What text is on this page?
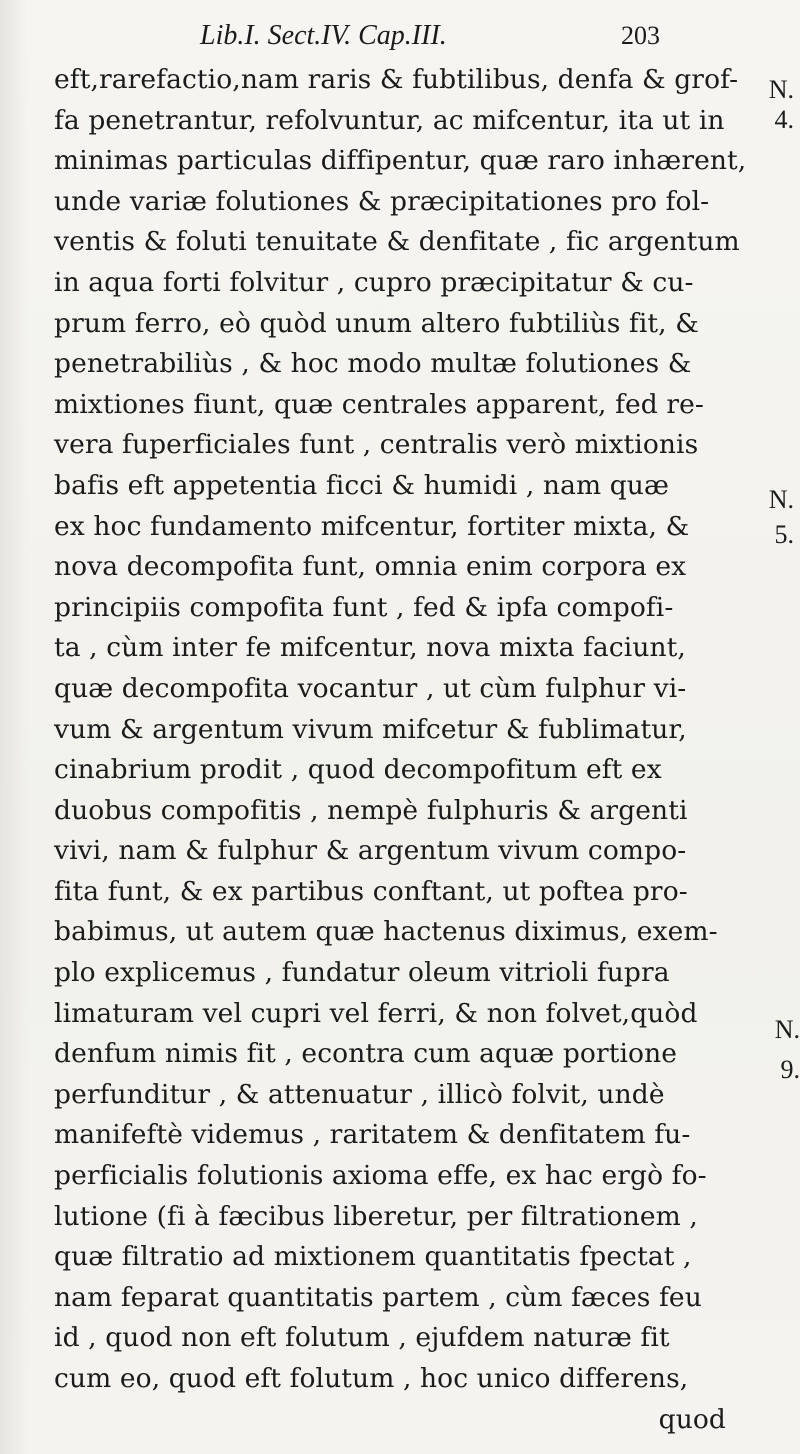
Lib.I. Sect.IV. Cap.III.	203
eft,rarefactio,nam raris & fubtilibus, denfa & grof-
fa penetrantur, refolvuntur, ac mifcentur, ita ut in
minimas particulas diffipentur, quæ raro inhærent,
unde variæ folutiones & præcipitationes pro fol-
ventis & foluti tenuitate & denfitate , fic argentum
in aqua forti folvitur , cupro præcipitatur & cu-
prum ferro, eò quòd unum altero fubtiliùs fit, &
penetrabiliùs , & hoc modo multæ folutiones &
mixtiones fiunt, quæ centrales apparent, fed re-
vera fuperficiales funt , centralis verò mixtionis
bafis eft appetentia ficci & humidi , nam quæ
ex hoc fundamento mifcentur, fortiter mixta, &
nova decompofita funt, omnia enim corpora ex
principiis compofita funt , fed & ipfa compofi-
ta , cùm inter fe mifcentur, nova mixta faciunt,
quæ decompofita vocantur , ut cùm fulphur vi-
vum & argentum vivum mifcetur & fublimatur,
cinabrium prodit , quod decompofitum eft ex
duobus compofitis , nempè fulphuris & argenti
vivi, nam & fulphur & argentum vivum compo-
fita funt, & ex partibus conftant, ut poftea pro-
babimus, ut autem quæ hactenus diximus, exem-
plo explicemus , fundatur oleum vitrioli fupra
limaturam vel cupri vel ferri, & non folvet,quòd
denfum nimis fit , econtra cum aquæ portione
perfunditur , & attenuatur , illicò folvit, undè
manifeftè videmus , raritatem & denfitatem fu-
perficialis folutionis axioma effe, ex hac ergò fo-
lutione (fi à fæcibus liberetur, per filtrationem ,
quæ filtratio ad mixtionem quantitatis fpectat ,
nam feparat quantitatis partem , cùm fæces feu
id , quod non eft folutum , ejufdem naturæ fit
cum eo, quod eft folutum , hoc unico differens,
quod
N.
4.
N.
5.
N.
9.
